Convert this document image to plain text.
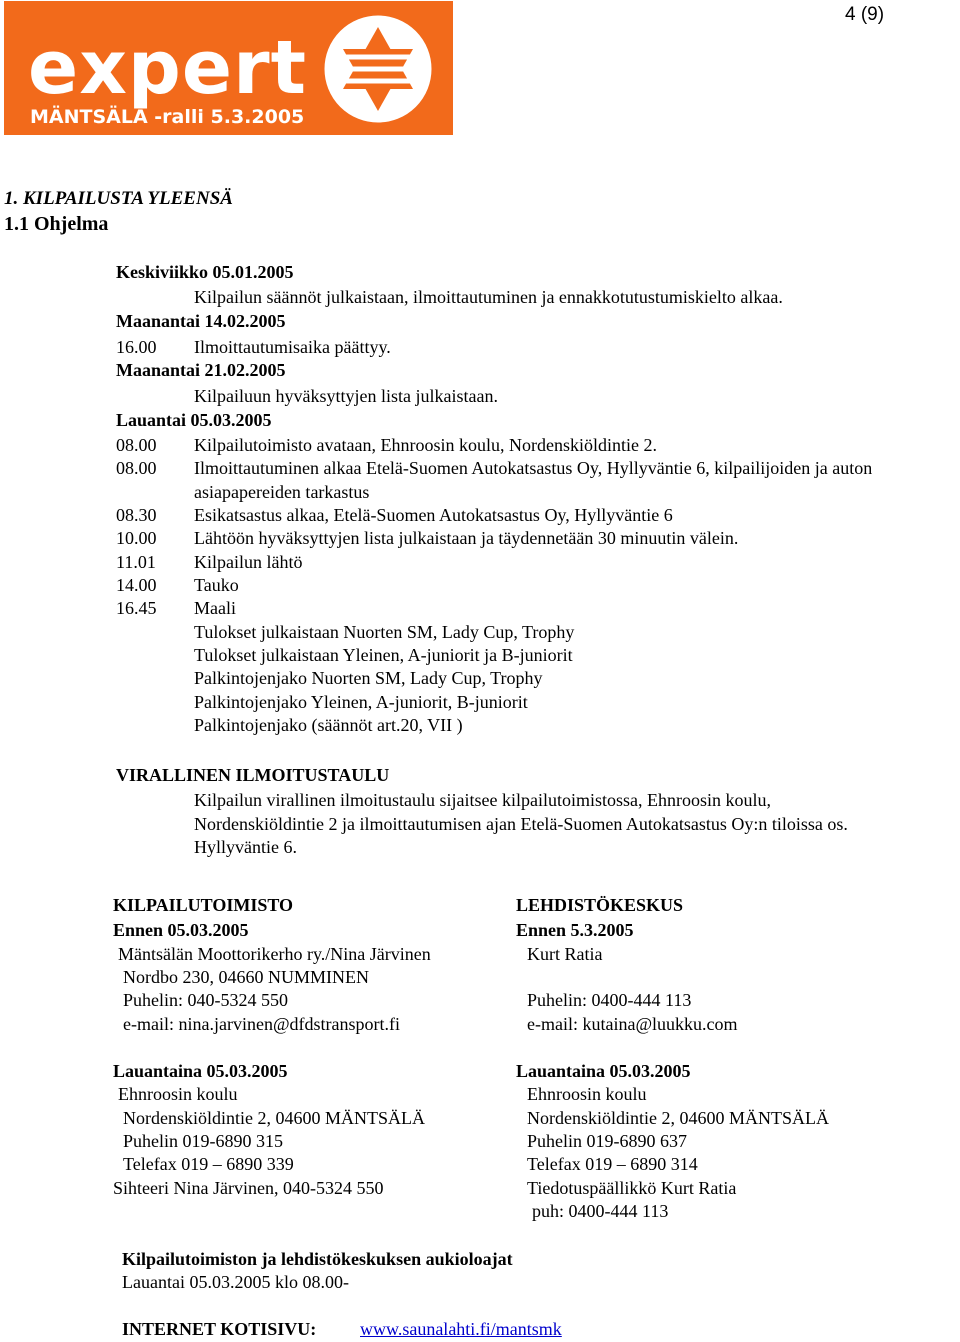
4 (9)
expert
MÄNTSÄLÄ -ralli 5.3.2005
1. KILPAILUSTA YLEENSÄ
1.1 Ohjelma
Keskiviikko 05.01.2005
Kilpailun säännöt julkaistaan, ilmoittautuminen ja ennakkotutustumiskielto alkaa.
Maanantai 14.02.2005
16.00 Ilmoittautumisaika päättyy.
Maanantai 21.02.2005
Kilpailuun hyväksyttyjen lista julkaistaan.
Lauantai 05.03.2005
08.00 Kilpailutoimisto avataan, Ehnroosin koulu, Nordenskiöldintie 2.
08.00 Ilmoittautuminen alkaa Etelä-Suomen Autokatsastus Oy, Hyllyväntie 6, kilpailijoiden ja auton
asiapapereiden tarkastus
08.30 Esikatsastus alkaa, Etelä-Suomen Autokatsastus Oy, Hyllyväntie 6
10.00 Lähtöön hyväksyttyjen lista julkaistaan ja täydennetään 30 minuutin välein.
11.01 Kilpailun lähtö
14.00 Tauko
16.45 Maali
Tulokset julkaistaan Nuorten SM, Lady Cup, Trophy
Tulokset julkaistaan Yleinen, A-juniorit ja B-juniorit
Palkintojenjako Nuorten SM, Lady Cup, Trophy
Palkintojenjako Yleinen, A-juniorit, B-juniorit
Palkintojenjako (säännöt art.20, VII )
VIRALLINEN ILMOITUSTAULU
Kilpailun virallinen ilmoitustaulu sijaitsee kilpailutoimistossa, Ehnroosin koulu,
Nordenskiöldintie 2 ja ilmoittautumisen ajan Etelä-Suomen Autokatsastus Oy:n tiloissa os.
Hyllyväntie 6.
KILPAILUTOIMISTO
Ennen 05.03.2005
Mäntsälän Moottorikerho ry./Nina Järvinen
Nordbo 230, 04660 NUMMINEN
Puhelin: 040-5324 550
e-mail: nina.jarvinen@dfdstransport.fi
Lauantaina 05.03.2005
Ehnroosin koulu
Nordenskiöldintie 2, 04600 MÄNTSÄLÄ
Puhelin 019-6890 315
Telefax 019 – 6890 339
Sihteeri Nina Järvinen, 040-5324 550
LEHDISTÖKESKUS
Ennen 5.3.2005
Kurt Ratia
Puhelin: 0400-444 113
e-mail: kutaina@luukku.com
Lauantaina 05.03.2005
Ehnroosin koulu
Nordenskiöldintie 2, 04600 MÄNTSÄLÄ
Puhelin 019-6890 637
Telefax 019 – 6890 314
Tiedotuspäällikkö Kurt Ratia
puh: 0400-444 113
Kilpailutoimiston ja lehdistökeskuksen aukioloajat
Lauantai 05.03.2005 klo 08.00-
INTERNET KOTISIVU: www.saunalahti.fi/mantsmk
